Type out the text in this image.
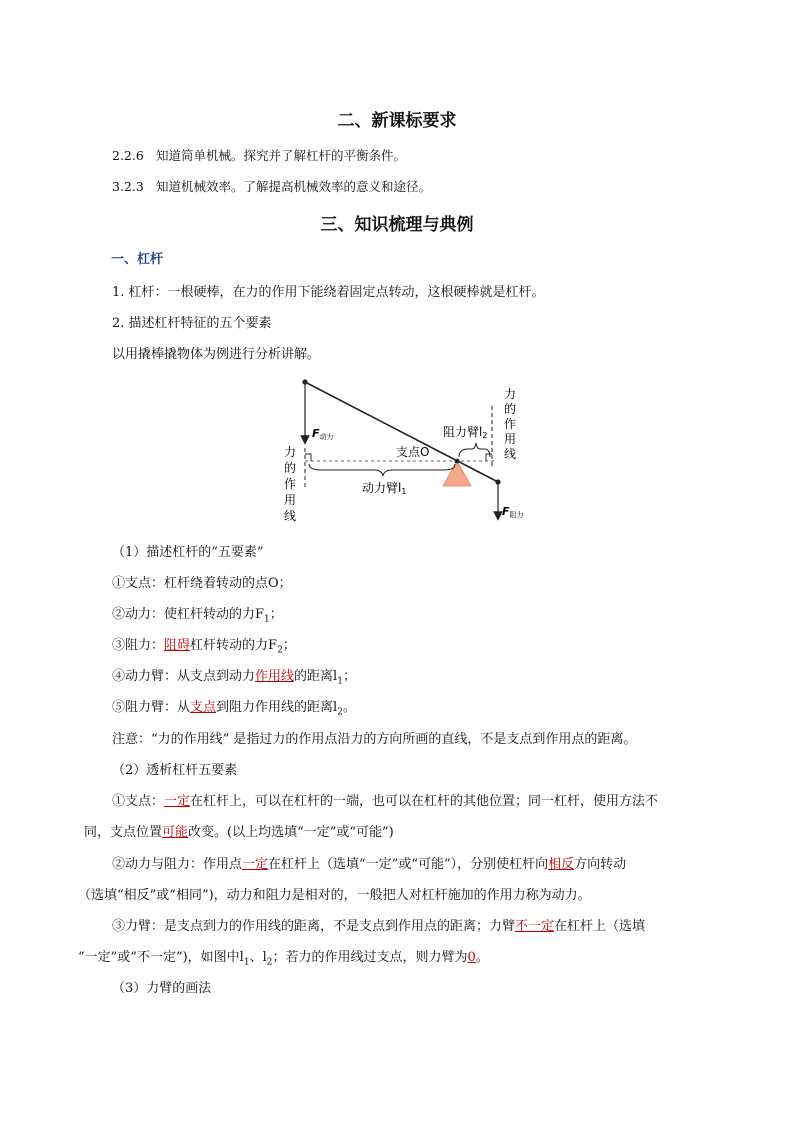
二、新课标要求
2.2.6 知道简单机械。探究并了解杠杆的平衡条件。
3.2.3 知道机械效率。了解提高机械效率的意义和途径。
三、知识梳理与典例
一、杠杆
1. 杠杆：一根硬棒，在力的作用下能绕着固定点转动，这根硬棒就是杠杆。
2. 描述杠杆特征的五个要素
以用撬棒撬物体为例进行分析讲解。
F动力
F阻力
支点O
动力臂l1
阻力臂l2
力
的
作
用
线
力
的
作
用
线
（1）描述杠杆的“五要素”
①支点：杠杆绕着转动的点O；
②动力：使杠杆转动的力$F_1$；
③阻力：阻碍杠杆转动的力$F_2$；
④动力臂：从支点到动力作用线的距离$l_1$；
⑤阻力臂：从支点到阻力作用线的距离$l_2$。
注意：“力的作用线” 是指过力的作用点沿力的方向所画的直线，不是支点到作用点的距离。
（2）透析杠杆五要素
①支点：一定在杠杆上，可以在杠杆的一端，也可以在杠杆的其他位置；同一杠杆，使用方法不
同，支点位置可能改变。(以上均选填“一定”或“可能”)
②动力与阻力：作用点一定在杠杆上（选填“一定”或“可能”），分别使杠杆向相反方向转动
（选填“相反”或“相同”)，动力和阻力是相对的，一般把人对杠杆施加的作用力称为动力。
③力臂：是支点到力的作用线的距离，不是支点到作用点的距离；力臂不一定在杠杆上（选填
“一定”或“不一定”)，如图中$l_1$、$l_2$；若力的作用线过支点，则力臂为0。
（3）力臂的画法
